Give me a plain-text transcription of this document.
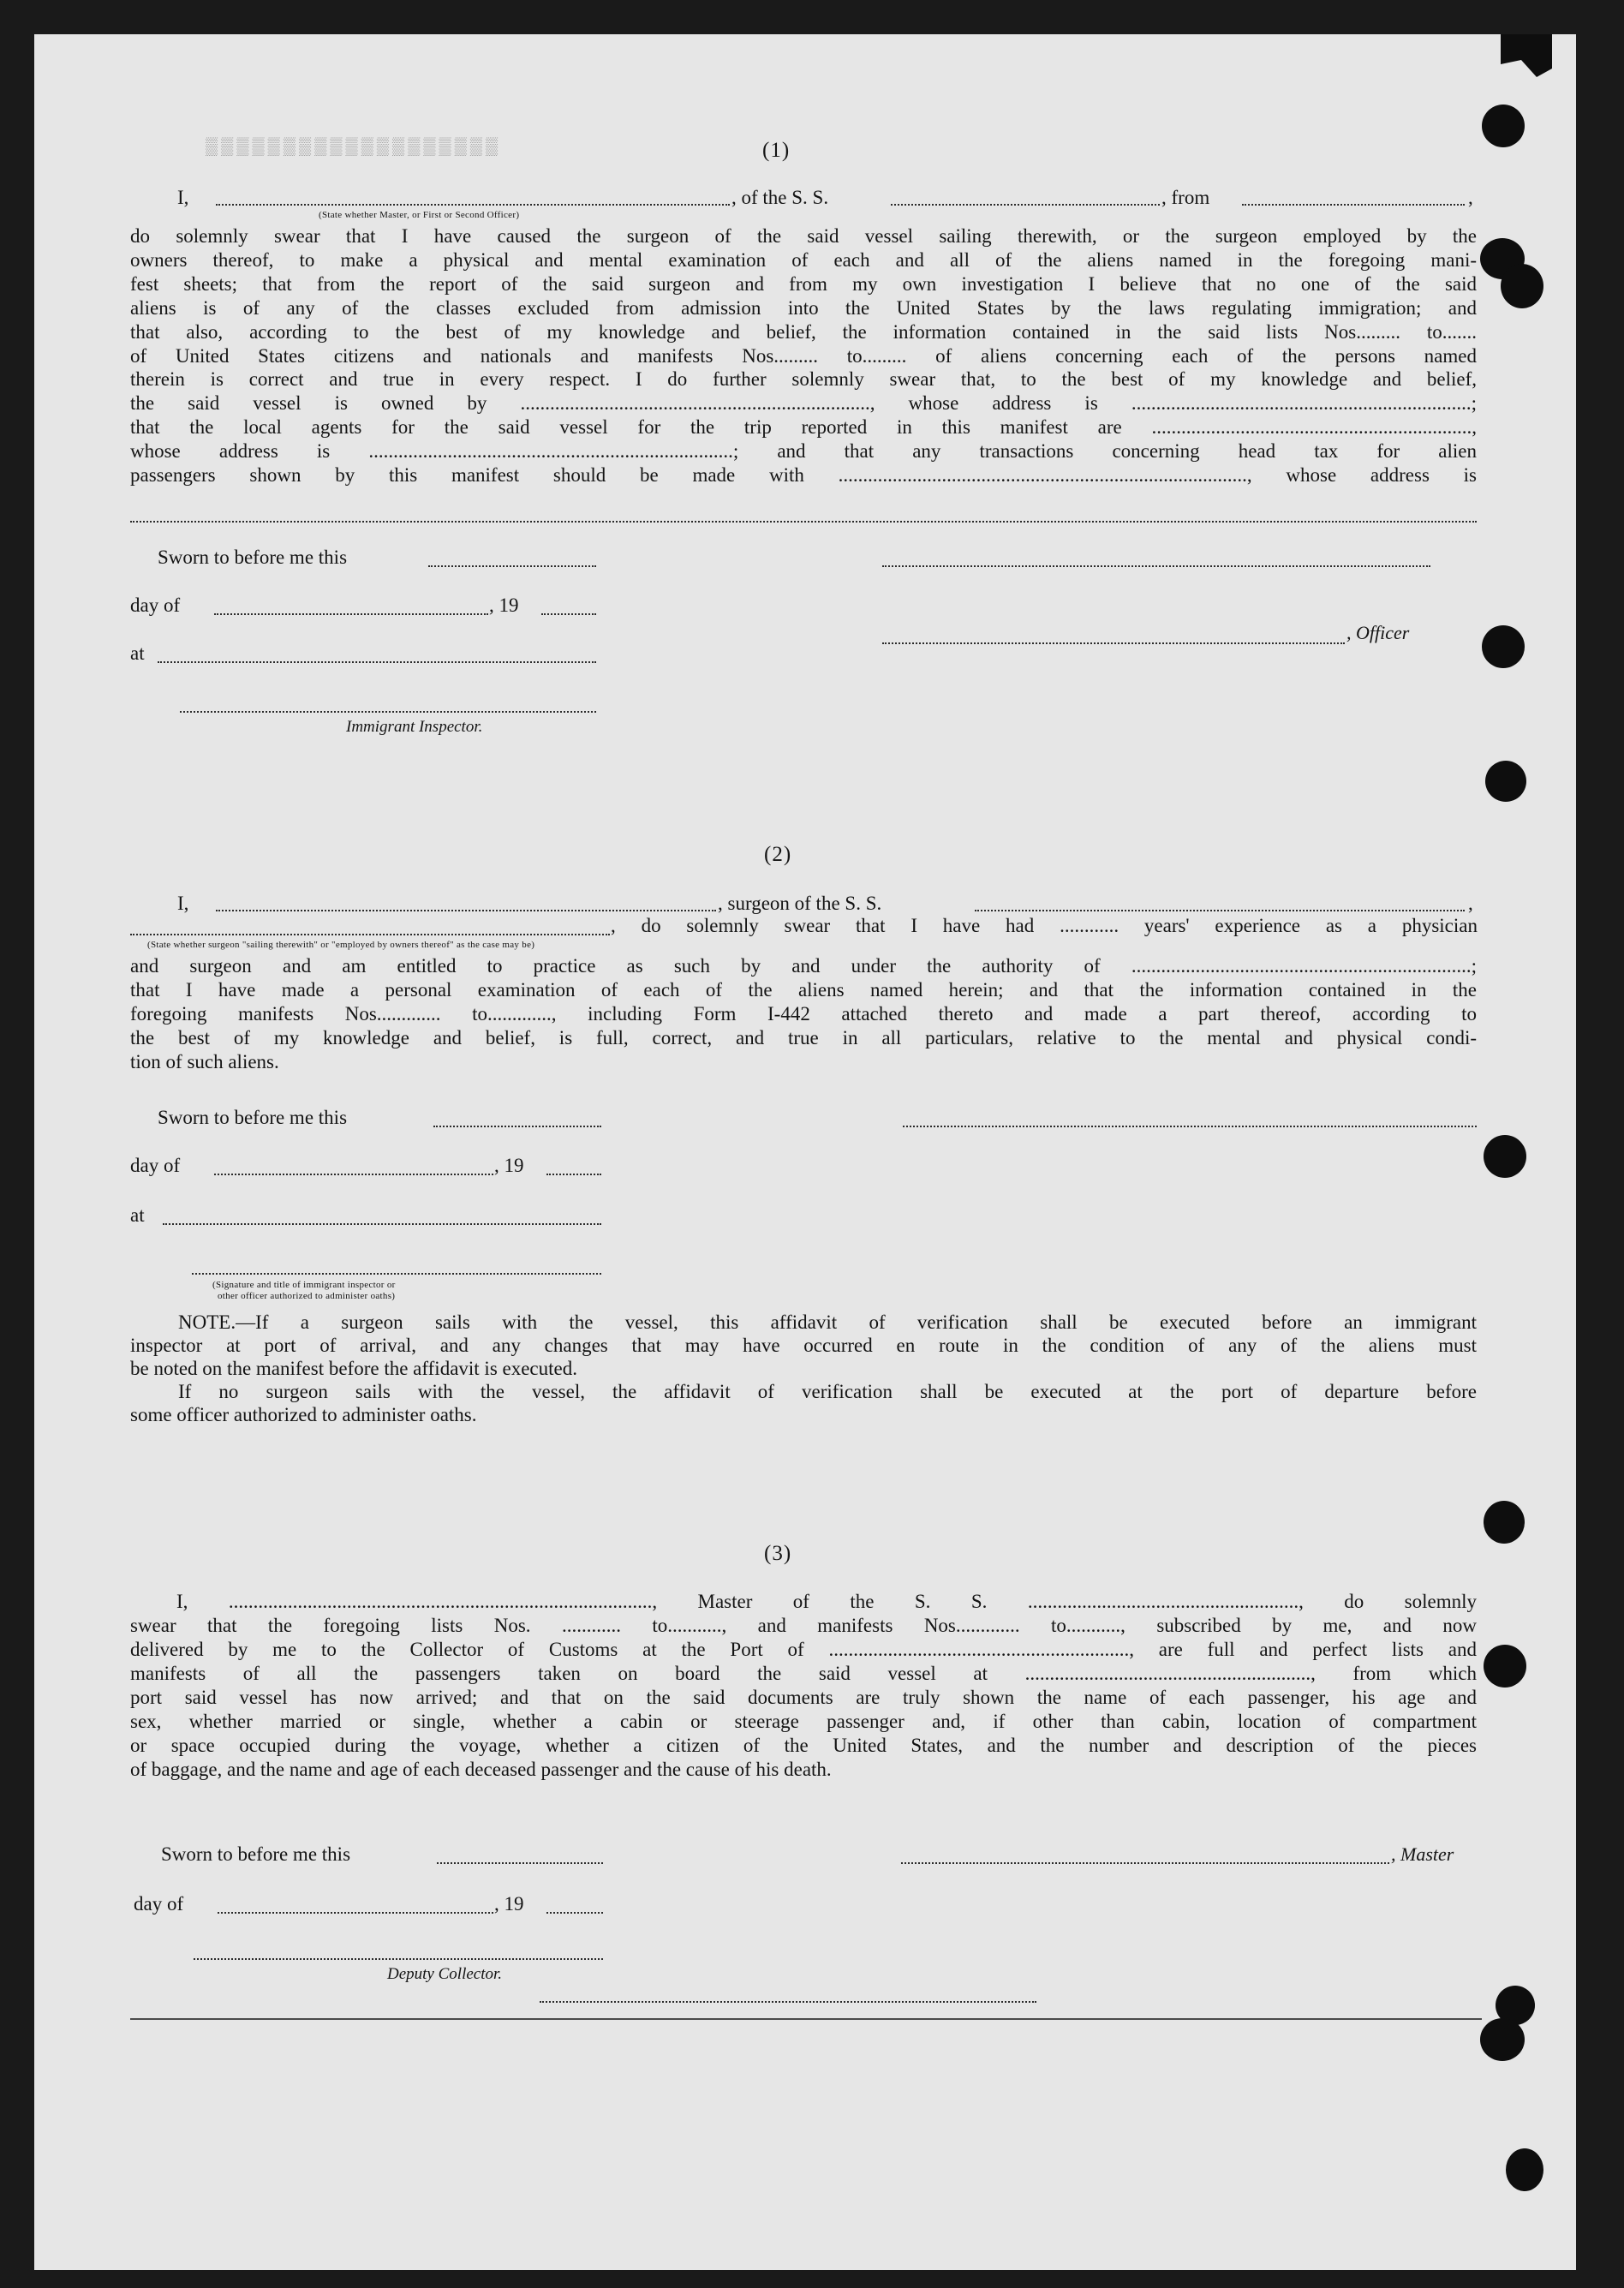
▒▒▒▒▒▒▒▒▒▒▒▒▒▒▒▒▒▒▒	(1)
I,	, of the S. S.	, from	,
(State whether Master, or First or Second Officer)
do solemnly swear that I have caused the surgeon of the said vessel sailing therewith, or the surgeon employed by the
owners thereof, to make a physical and mental examination of each and all of the aliens named in the foregoing mani-
fest sheets; that from the report of the said surgeon and from my own investigation I believe that no one of the said
aliens is of any of the classes excluded from admission into the United States by the laws regulating immigration; and
that also, according to the best of my knowledge and belief, the information contained in the said lists Nos......... to.......
of United States citizens and nationals and manifests Nos......... to......... of aliens concerning each of the persons named
therein is correct and true in every respect. I do further solemnly swear that, to the best of my knowledge and belief,
the said vessel is owned by ......................................................................., whose address is .....................................................................;
that the local agents for the said vessel for the trip reported in this manifest are .................................................................,
whose address is ..........................................................................; and that any transactions concerning head tax for alien
passengers shown by this manifest should be made with ..................................................................................., whose address is
Sworn to before me this
day of	, 19
at
, Officer
Immigrant Inspector.
(2)
I,	, surgeon of the S. S.	,
, do solemnly swear that I have had ............ years' experience as a physician
(State whether surgeon "sailing therewith" or "employed by owners thereof" as the case may be)
and surgeon and am entitled to practice as such by and under the authority of .....................................................................;
that I have made a personal examination of each of the aliens named herein; and that the information contained in the
foregoing manifests Nos............. to............., including Form I-442 attached thereto and made a part thereof, according to
the best of my knowledge and belief, is full, correct, and true in all particulars, relative to the mental and physical condi-
tion of such aliens.
Sworn to before me this
day of	, 19
at
(Signature and title of immigrant inspector or
other officer authorized to administer oaths)
NOTE.—If a surgeon sails with the vessel, this affidavit of verification shall be executed before an immigrant
inspector at port of arrival, and any changes that may have occurred en route in the condition of any of the aliens must
be noted on the manifest before the affidavit is executed.
If no surgeon sails with the vessel, the affidavit of verification shall be executed at the port of departure before
some officer authorized to administer oaths.
(3)
I, ......................................................................................, Master of the S. S. ......................................................., do solemnly
swear that the foregoing lists Nos. ............ to..........., and manifests Nos............. to..........., subscribed by me, and now
delivered by me to the Collector of Customs at the Port of ............................................................., are full and perfect lists and
manifests of all the passengers taken on board the said vessel at .........................................................., from which
port said vessel has now arrived; and that on the said documents are truly shown the name of each passenger, his age and
sex, whether married or single, whether a cabin or steerage passenger and, if other than cabin, location of compartment
or space occupied during the voyage, whether a citizen of the United States, and the number and description of the pieces
of baggage, and the name and age of each deceased passenger and the cause of his death.
Sworn to before me this	, Master
day of	, 19
Deputy Collector.
